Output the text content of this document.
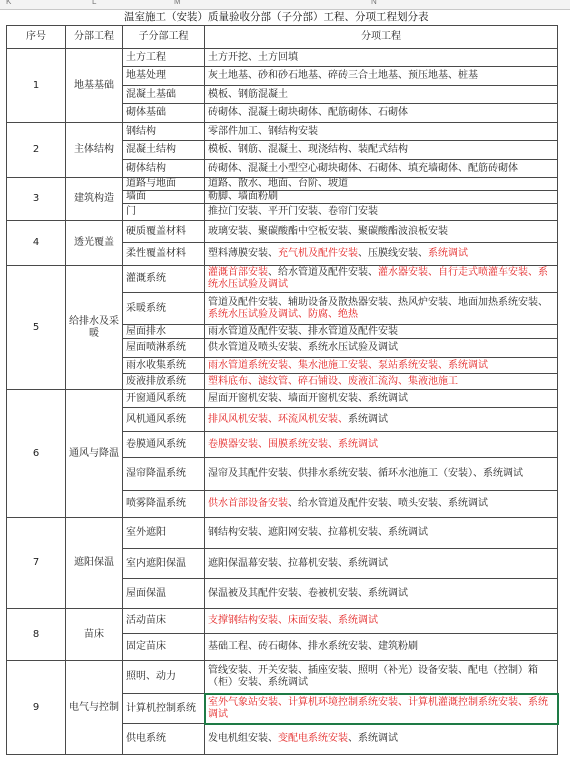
K	L	M	N
温室施工（安装）质量验收分部（子分部）工程、分项工程划分表
序号	分部工程	子分部工程	分项工程
1	地基基础	土方工程	土方开挖、土方回填
		地基处理	灰土地基、砂和砂石地基、碎砖三合土地基、预压地基、桩基
		混凝土基础	模板、钢筋混凝土
		砌体基础	砖砌体、混凝土砌块砌体、配筋砌体、石砌体
2	主体结构	钢结构	零部件加工、钢结构安装
		混凝土结构	模板、钢筋、混凝土、现浇结构、装配式结构
		砌体结构	砖砌体、混凝土小型空心砌块砌体、石砌体、填充墙砌体、配筋砖砌体
3	建筑构造	道路与地面	道路、散水、地面、台阶、坡道
		墙面	勒脚、墙面粉刷
		门	推拉门安装、平开门安装、卷帘门安装
4	透光覆盖	硬质覆盖材料	玻璃安装、聚碳酸酯中空板安装、聚碳酸酯波浪板安装
		柔性覆盖材料	塑料薄膜安装、充气机及配件安装、压膜线安装、系统调试
5	给排水及采暖	灌溉系统	灌溉首部安装、给水管道及配件安装、灌水器安装、自行走式喷灌车安装、系统水压试验及调试
		采暖系统	管道及配件安装、辅助设备及散热器安装、热风炉安装、地面加热系统安装、系统水压试验及调试、防腐、绝热
		屋面排水	雨水管道及配件安装、排水管道及配件安装
		屋面喷淋系统	供水管道及喷头安装、系统水压试验及调试
		雨水收集系统	雨水管道系统安装、集水池施工安装、泵站系统安装、系统调试
		废液排放系统	塑料底布、滤纹管、碎石铺设、废液汇流沟、集液池施工
6	通风与降温	开窗通风系统	屋面开窗机安装、墙面开窗机安装、系统调试
		风机通风系统	排风风机安装、环流风机安装、系统调试
		卷膜通风系统	卷膜器安装、围膜系统安装、系统调试
		湿帘降温系统	湿帘及其配件安装、供排水系统安装、循环水池施工（安装）、系统调试
		喷雾降温系统	供水首部设备安装、给水管道及配件安装、喷头安装、系统调试
7	遮阳保温	室外遮阳	钢结构安装、遮阳网安装、拉幕机安装、系统调试
		室内遮阳保温	遮阳保温幕安装、拉幕机安装、系统调试
		屋面保温	保温被及其配件安装、卷被机安装、系统调试
8	苗床	活动苗床	支撑钢结构安装、床面安装、系统调试
		固定苗床	基础工程、砖石砌体、排水系统安装、建筑粉刷
9	电气与控制	照明、动力	管线安装、开关安装、插座安装、照明（补光）设备安装、配电（控制）箱（柜）安装、系统调试
		计算机控制系统	室外气象站安装、计算机环境控制系统安装、计算机灌溉控制系统安装、系统调试
		供电系统	发电机组安装、变配电系统安装、系统调试
